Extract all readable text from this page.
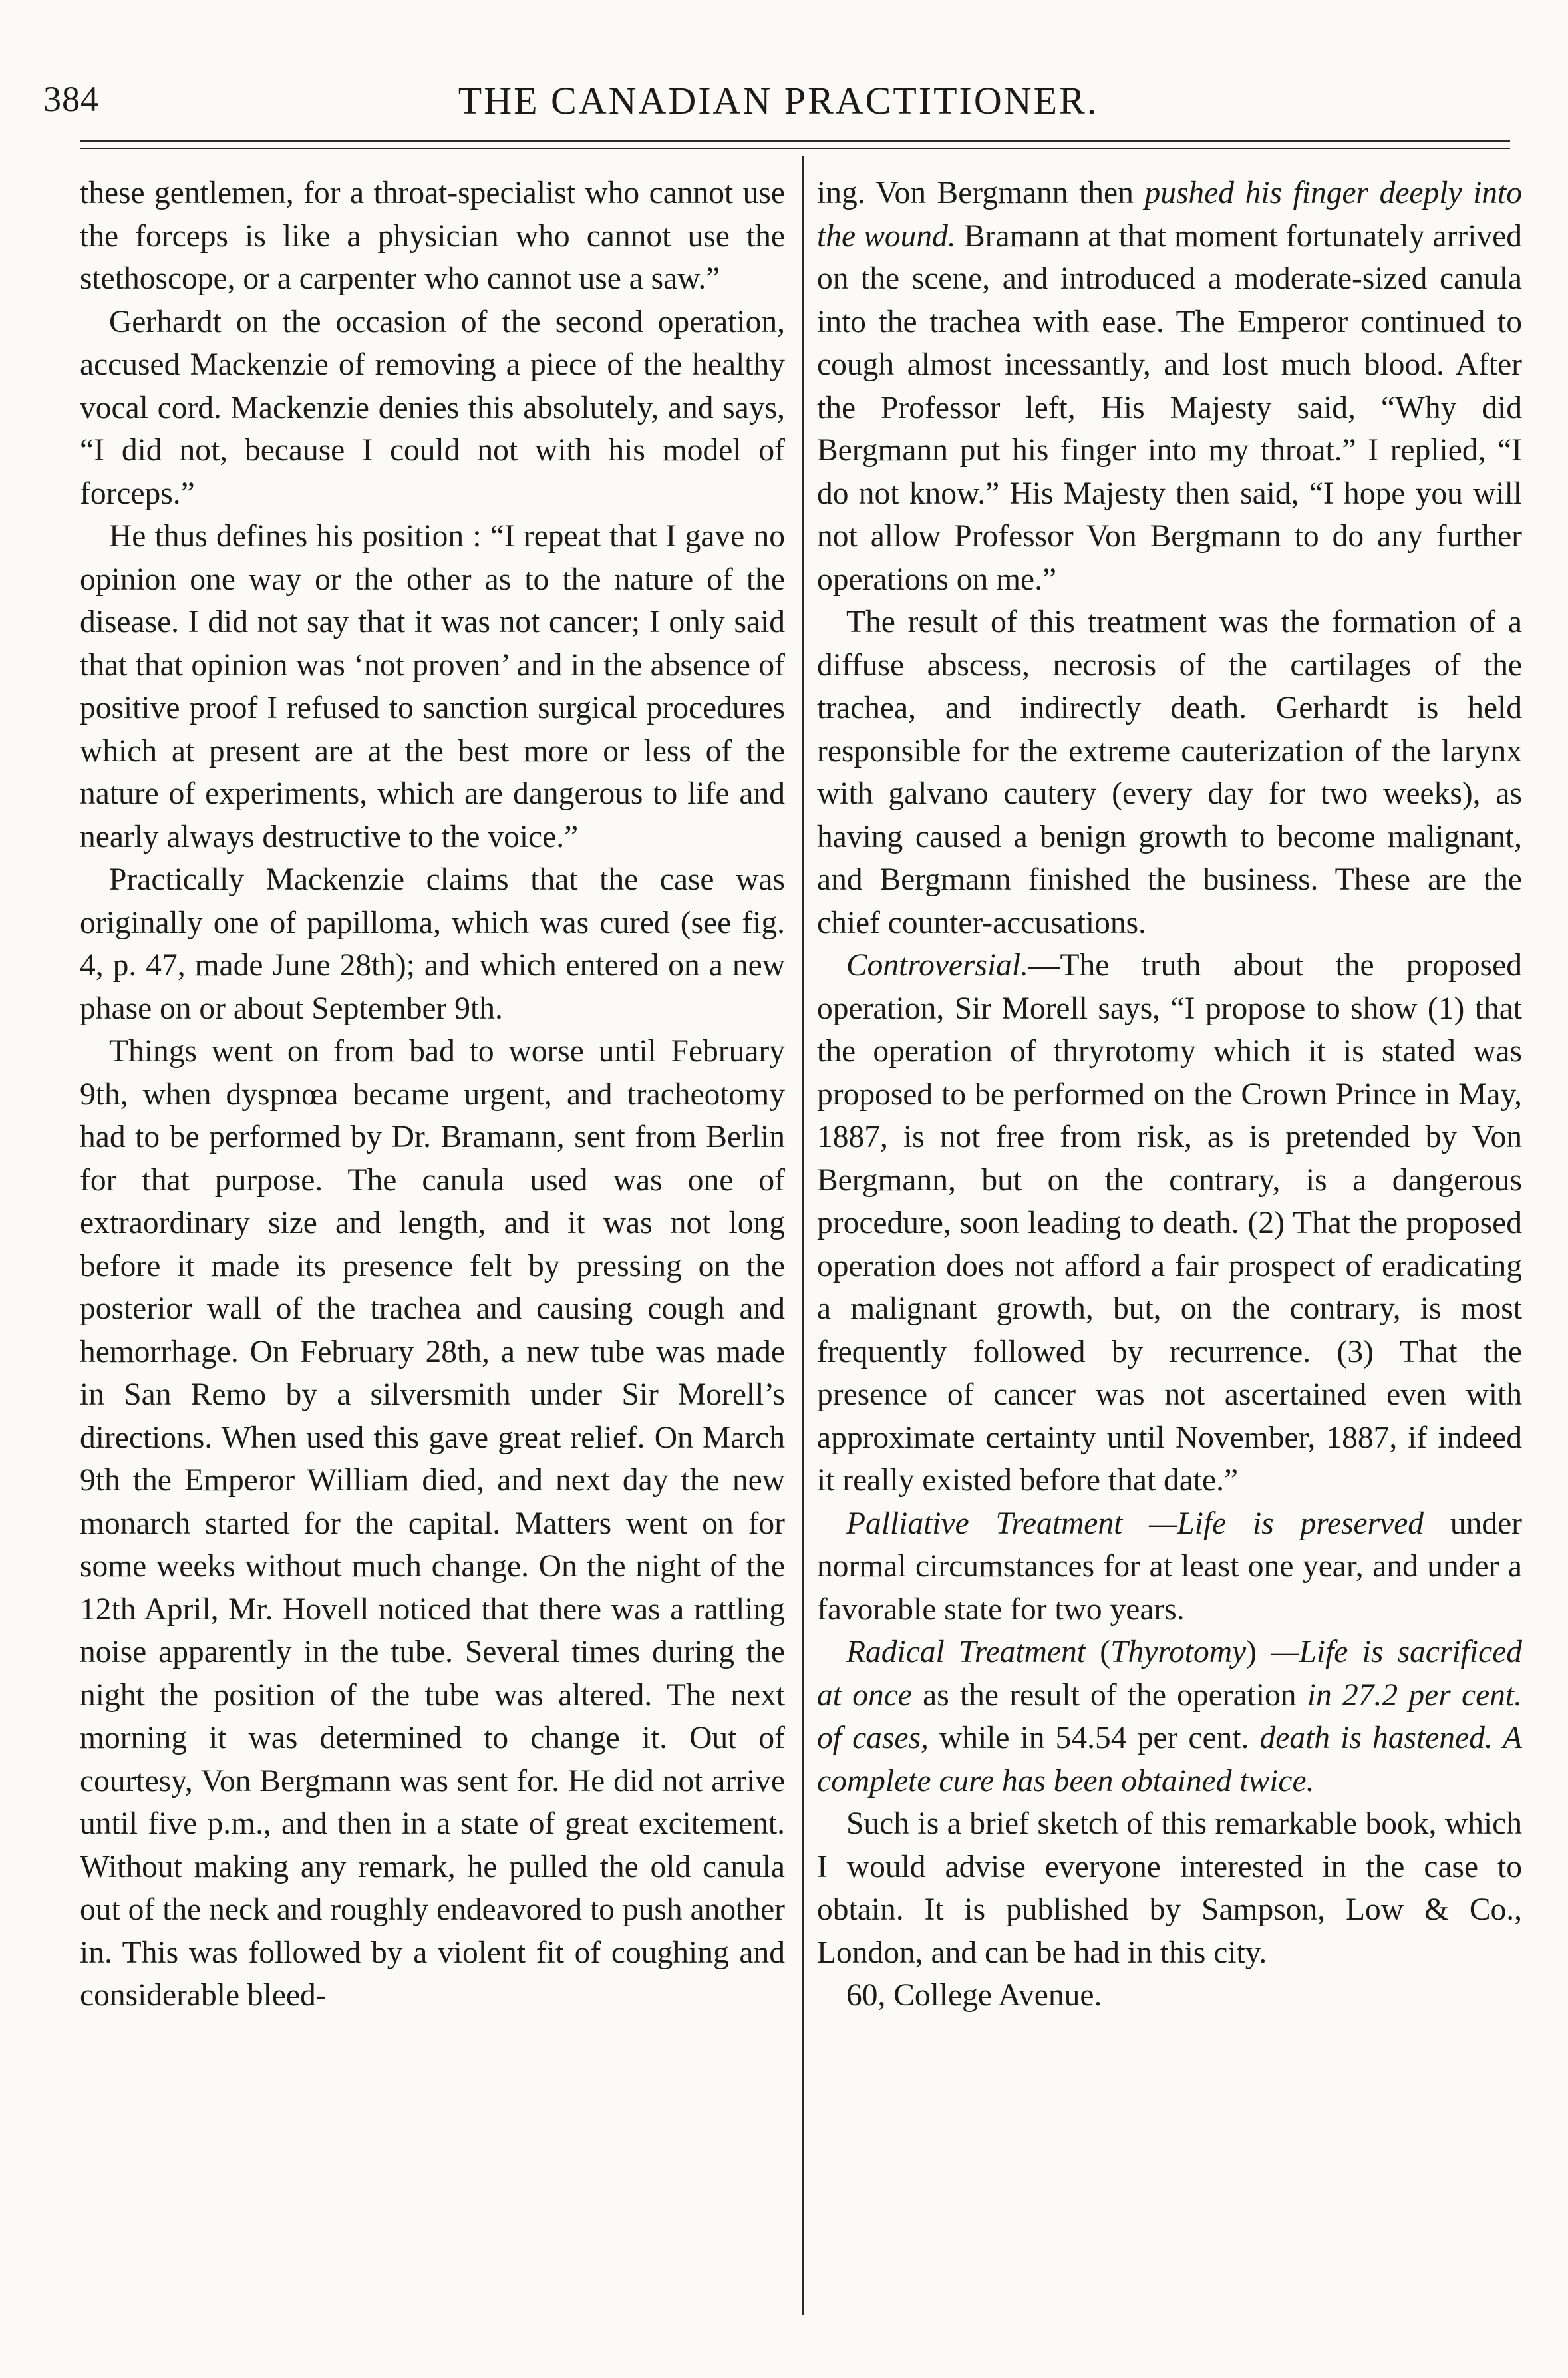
384	THE CANADIAN PRACTITIONER.

these gentlemen, for a throat-specialist who cannot use the forceps is like a physician who cannot use the stethoscope, or a carpenter who cannot use a saw.”

Gerhardt on the occasion of the second operation, accused Mackenzie of removing a piece of the healthy vocal cord. Mackenzie denies this absolutely, and says, “I did not, because I could not with his model of forceps.”

He thus defines his position : “I repeat that I gave no opinion one way or the other as to the nature of the disease. I did not say that it was not cancer; I only said that that opinion was ‘not proven’ and in the absence of positive proof I refused to sanction surgical procedures which at present are at the best more or less of the nature of experiments, which are dangerous to life and nearly always destructive to the voice.”

Practically Mackenzie claims that the case was originally one of papilloma, which was cured (see fig. 4, p. 47, made June 28th); and which entered on a new phase on or about September 9th.

Things went on from bad to worse until February 9th, when dyspnœa became urgent, and tracheotomy had to be performed by Dr. Bramann, sent from Berlin for that purpose. The canula used was one of extraordinary size and length, and it was not long before it made its presence felt by pressing on the posterior wall of the trachea and causing cough and hemorrhage. On February 28th, a new tube was made in San Remo by a silversmith under Sir Morell’s directions. When used this gave great relief. On March 9th the Emperor William died, and next day the new monarch started for the capital. Matters went on for some weeks without much change. On the night of the 12th April, Mr. Hovell noticed that there was a rattling noise apparently in the tube. Several times during the night the position of the tube was altered. The next morning it was determined to change it. Out of courtesy, Von Bergmann was sent for. He did not arrive until five p.m., and then in a state of great excitement. Without making any remark, he pulled the old canula out of the neck and roughly endeavored to push another in. This was followed by a violent fit of coughing and considerable bleed-

ing. Von Bergmann then pushed his finger deeply into the wound. Bramann at that moment fortunately arrived on the scene, and introduced a moderate-sized canula into the trachea with ease. The Emperor continued to cough almost incessantly, and lost much blood. After the Professor left, His Majesty said, “Why did Bergmann put his finger into my throat.” I replied, “I do not know.” His Majesty then said, “I hope you will not allow Professor Von Bergmann to do any further operations on me.”

The result of this treatment was the formation of a diffuse abscess, necrosis of the cartilages of the trachea, and indirectly death. Gerhardt is held responsible for the extreme cauterization of the larynx with galvano cautery (every day for two weeks), as having caused a benign growth to become malignant, and Bergmann finished the business. These are the chief counter-accusations.

Controversial.—The truth about the proposed operation, Sir Morell says, “I propose to show (1) that the operation of thryrotomy which it is stated was proposed to be performed on the Crown Prince in May, 1887, is not free from risk, as is pretended by Von Bergmann, but on the contrary, is a dangerous procedure, soon leading to death. (2) That the proposed operation does not afford a fair prospect of eradicating a malignant growth, but, on the contrary, is most frequently followed by recurrence. (3) That the presence of cancer was not ascertained even with approximate certainty until November, 1887, if indeed it really existed before that date.”

Palliative Treatment —Life is preserved under normal circumstances for at least one year, and under a favorable state for two years.

Radical Treatment (Thyrotomy) —Life is sacrificed at once as the result of the operation in 27.2 per cent. of cases, while in 54.54 per cent. death is hastened. A complete cure has been obtained twice.

Such is a brief sketch of this remarkable book, which I would advise everyone interested in the case to obtain. It is published by Sampson, Low & Co., London, and can be had in this city.

60, College Avenue.
